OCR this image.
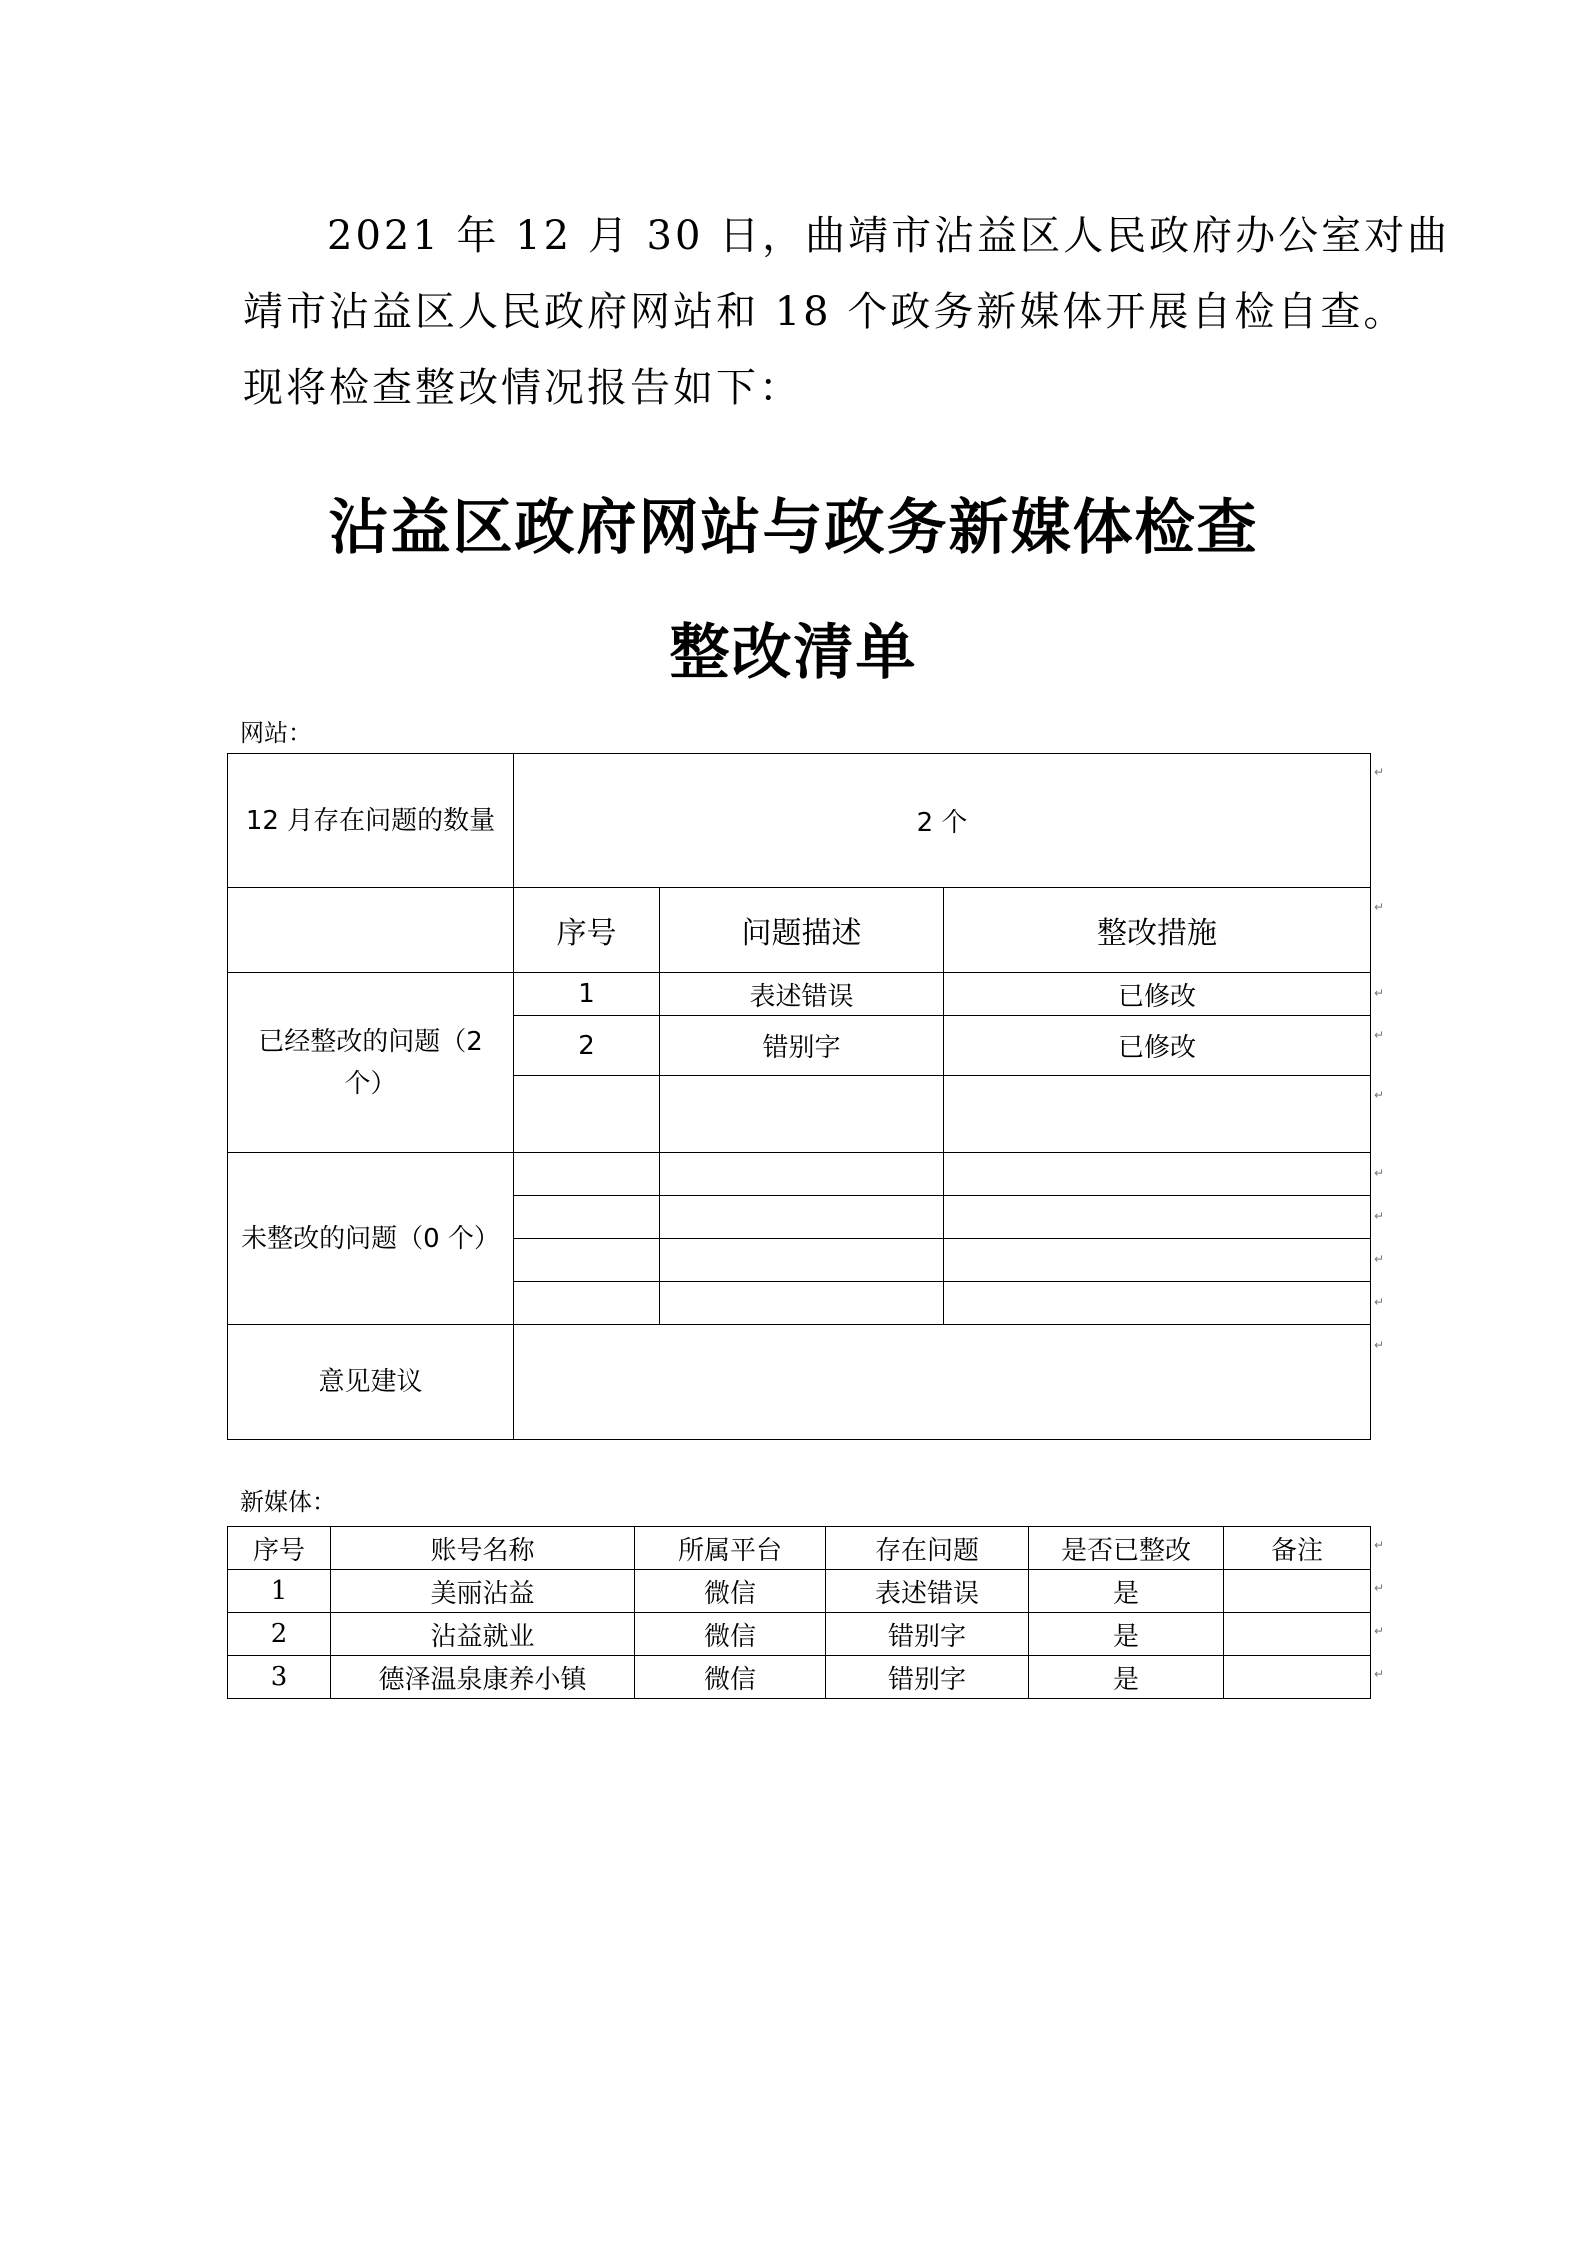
2021 年 12 月 30 日，曲靖市沾益区人民政府办公室对曲
靖市沾益区人民政府网站和 18 个政务新媒体开展自检自查。
现将检查整改情况报告如下：
沾益区政府网站与政务新媒体检查
整改清单
网站：
12 月存在问题的数量	2 个		
	序号	问题描述	整改措施
已经整改的问题（2 个）	1	表述错误	已修改
	2	错别字	已修改

未整改的问题（0 个）			

意见建议			
新媒体：
序号	账号名称	所属平台	存在问题	是否已整改	备注
1	美丽沾益	微信	表述错误	是	
2	沾益就业	微信	错别字	是	
3	德泽温泉康养小镇	微信	错别字	是	
↵
↵
↵
↵
↵
↵
↵
↵
↵
↵
↵
↵
↵
↵
